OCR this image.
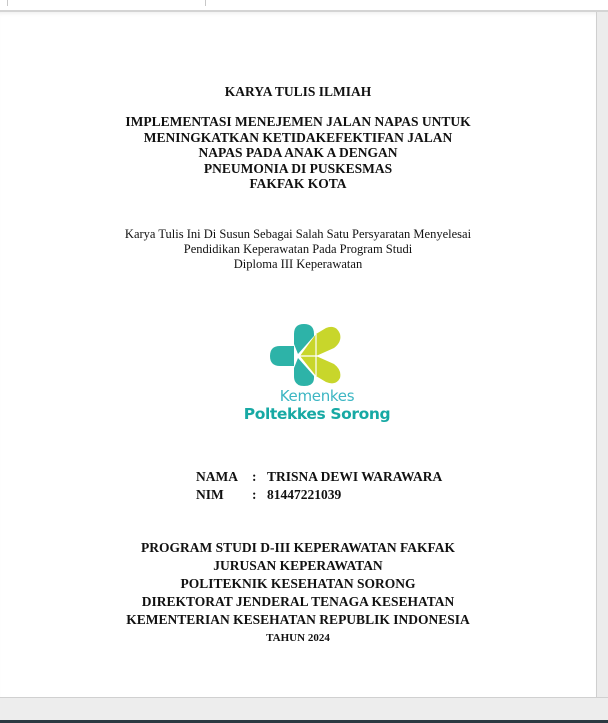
KARYA TULIS ILMIAH
IMPLEMENTASI MENEJEMEN JALAN NAPAS UNTUK
MENINGKATKAN KETIDAKEFEKTIFAN JALAN
NAPAS PADA ANAK A DENGAN
PNEUMONIA DI PUSKESMAS
FAKFAK KOTA
Karya Tulis Ini Di Susun Sebagai Salah Satu Persyaratan Menyelesai
Pendidikan Keperawatan Pada Program Studi
Diploma III Keperawatan
Kemenkes
Poltekkes Sorong
NAMA : TRISNA DEWI WARAWARA
NIM : 81447221039
PROGRAM STUDI D-III KEPERAWATAN FAKFAK
JURUSAN KEPERAWATAN
POLITEKNIK KESEHATAN SORONG
DIREKTORAT JENDERAL TENAGA KESEHATAN
KEMENTERIAN KESEHATAN REPUBLIK INDONESIA
TAHUN 2024
